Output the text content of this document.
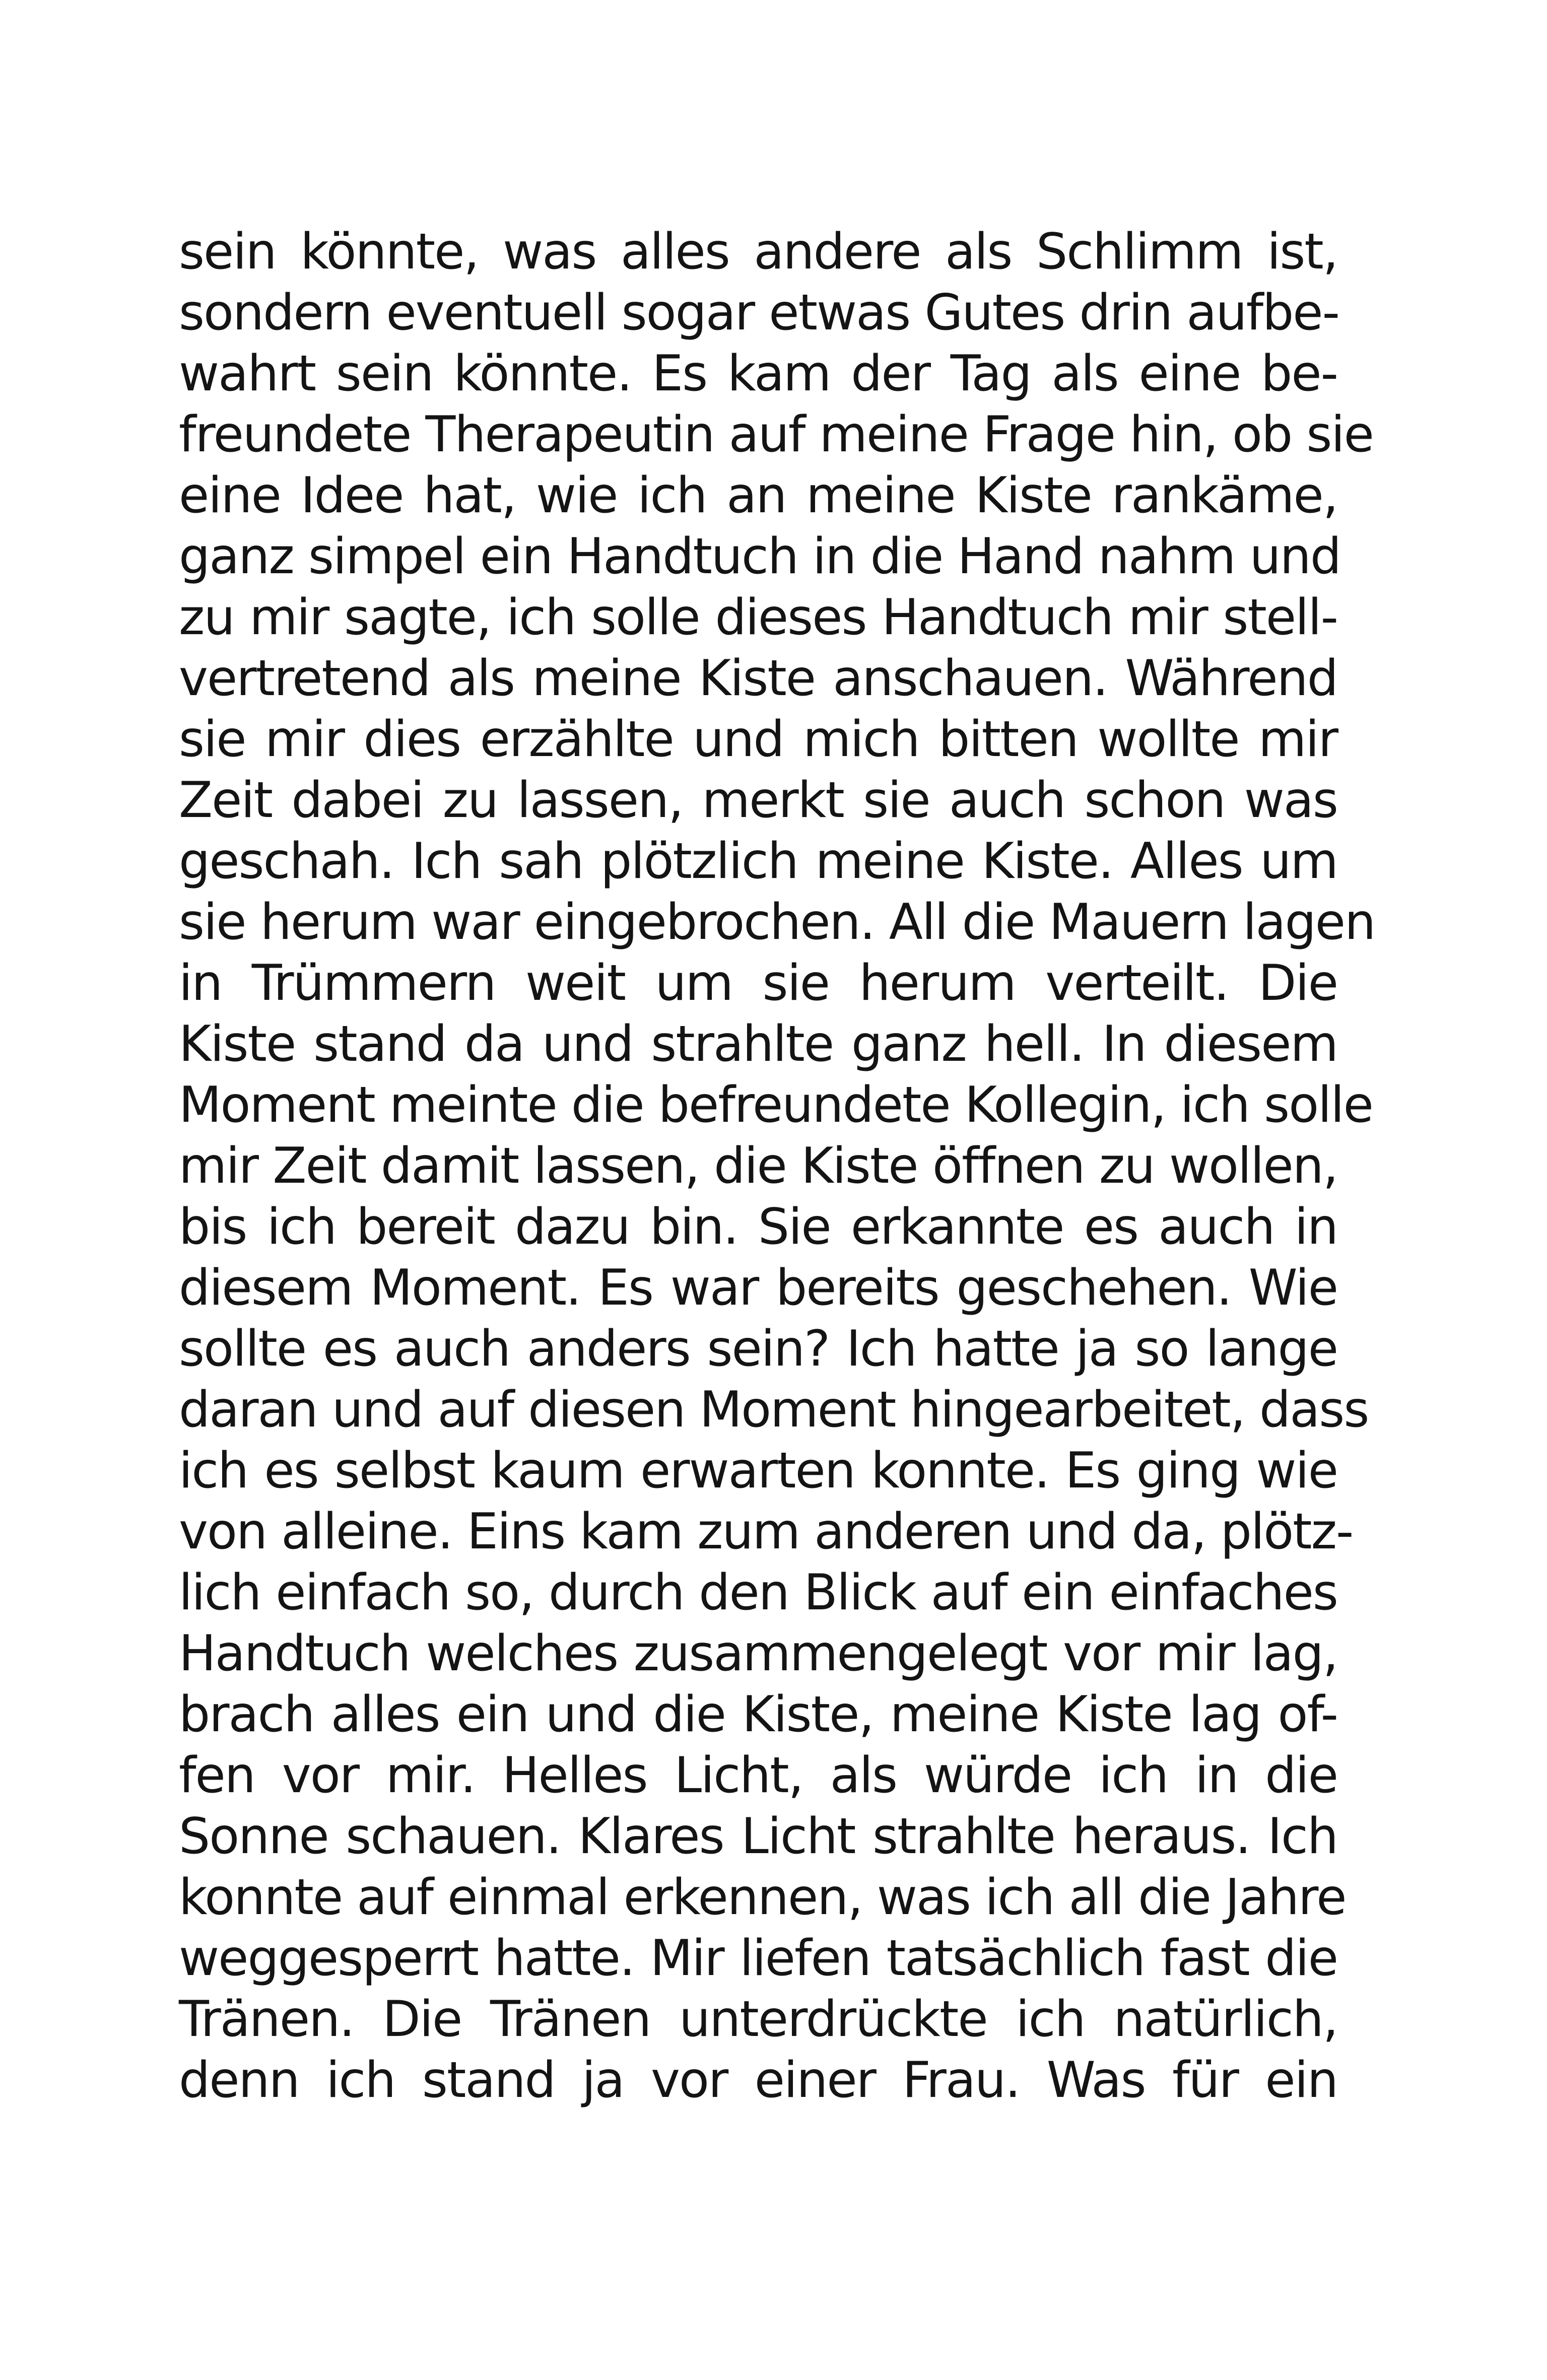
sein könnte, was alles andere als Schlimm ist,
sondern eventuell sogar etwas Gutes drin aufbe-
wahrt sein könnte. Es kam der Tag als eine be-
freundete Therapeutin auf meine Frage hin, ob sie
eine Idee hat, wie ich an meine Kiste rankäme,
ganz simpel ein Handtuch in die Hand nahm und
zu mir sagte, ich solle dieses Handtuch mir stell-
vertretend als meine Kiste anschauen. Während
sie mir dies erzählte und mich bitten wollte mir
Zeit dabei zu lassen, merkt sie auch schon was
geschah. Ich sah plötzlich meine Kiste. Alles um
sie herum war eingebrochen. All die Mauern lagen
in Trümmern weit um sie herum verteilt. Die
Kiste stand da und strahlte ganz hell. In diesem
Moment meinte die befreundete Kollegin, ich solle
mir Zeit damit lassen, die Kiste öffnen zu wollen,
bis ich bereit dazu bin. Sie erkannte es auch in
diesem Moment. Es war bereits geschehen. Wie
sollte es auch anders sein? Ich hatte ja so lange
daran und auf diesen Moment hingearbeitet, dass
ich es selbst kaum erwarten konnte. Es ging wie
von alleine. Eins kam zum anderen und da, plötz-
lich einfach so, durch den Blick auf ein einfaches
Handtuch welches zusammengelegt vor mir lag,
brach alles ein und die Kiste, meine Kiste lag of-
fen vor mir. Helles Licht, als würde ich in die
Sonne schauen. Klares Licht strahlte heraus. Ich
konnte auf einmal erkennen, was ich all die Jahre
weggesperrt hatte. Mir liefen tatsächlich fast die
Tränen. Die Tränen unterdrückte ich natürlich,
denn ich stand ja vor einer Frau. Was für ein
